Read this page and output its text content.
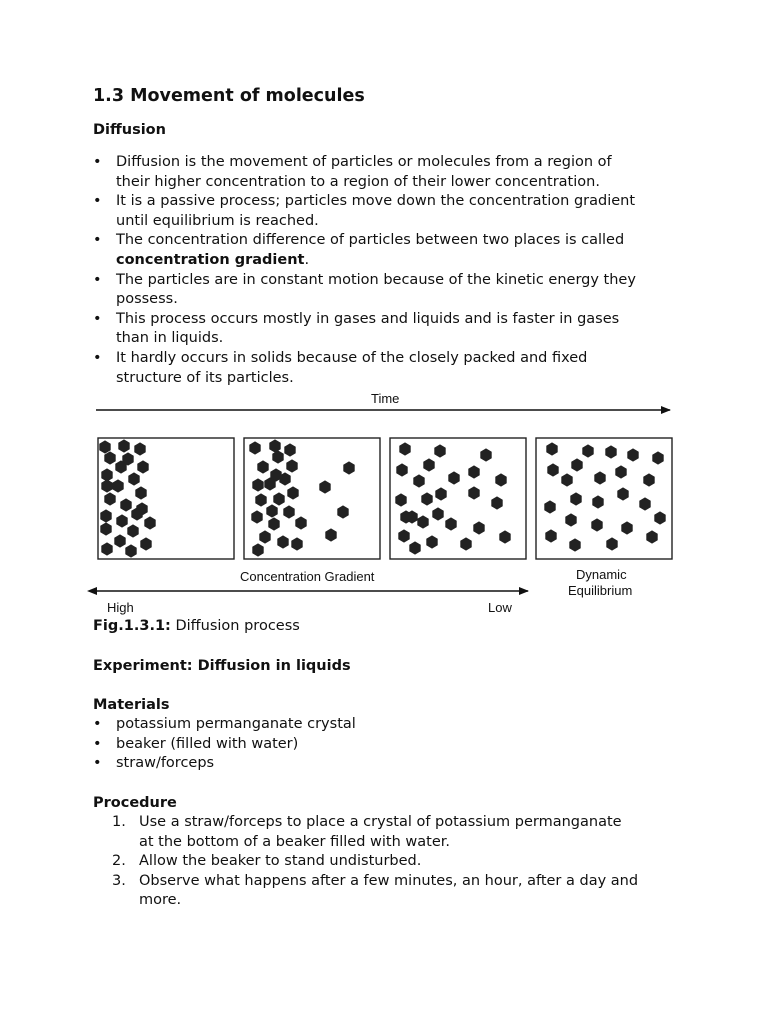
1.3 Movement of molecules
Diffusion
• Diffusion is the movement of particles or molecules from a region of
their higher concentration to a region of their lower concentration.
• It is a passive process; particles move down the concentration gradient
until equilibrium is reached.
• The concentration difference of particles between two places is called
concentration gradient.
• The particles are in constant motion because of the kinetic energy they
possess.
• This process occurs mostly in gases and liquids and is faster in gases
than in liquids.
• It hardly occurs in solids because of the closely packed and fixed
structure of its particles.
Time
Concentration Gradient	Dynamic
Equilibrium
High	Low
Fig.1.3.1: Diffusion process
Experiment: Diffusion in liquids
Materials
• potassium permanganate crystal
• beaker (filled with water)
• straw/forceps
Procedure
1. Use a straw/forceps to place a crystal of potassium permanganate
at the bottom of a beaker filled with water.
2. Allow the beaker to stand undisturbed.
3. Observe what happens after a few minutes, an hour, after a day and
more.
